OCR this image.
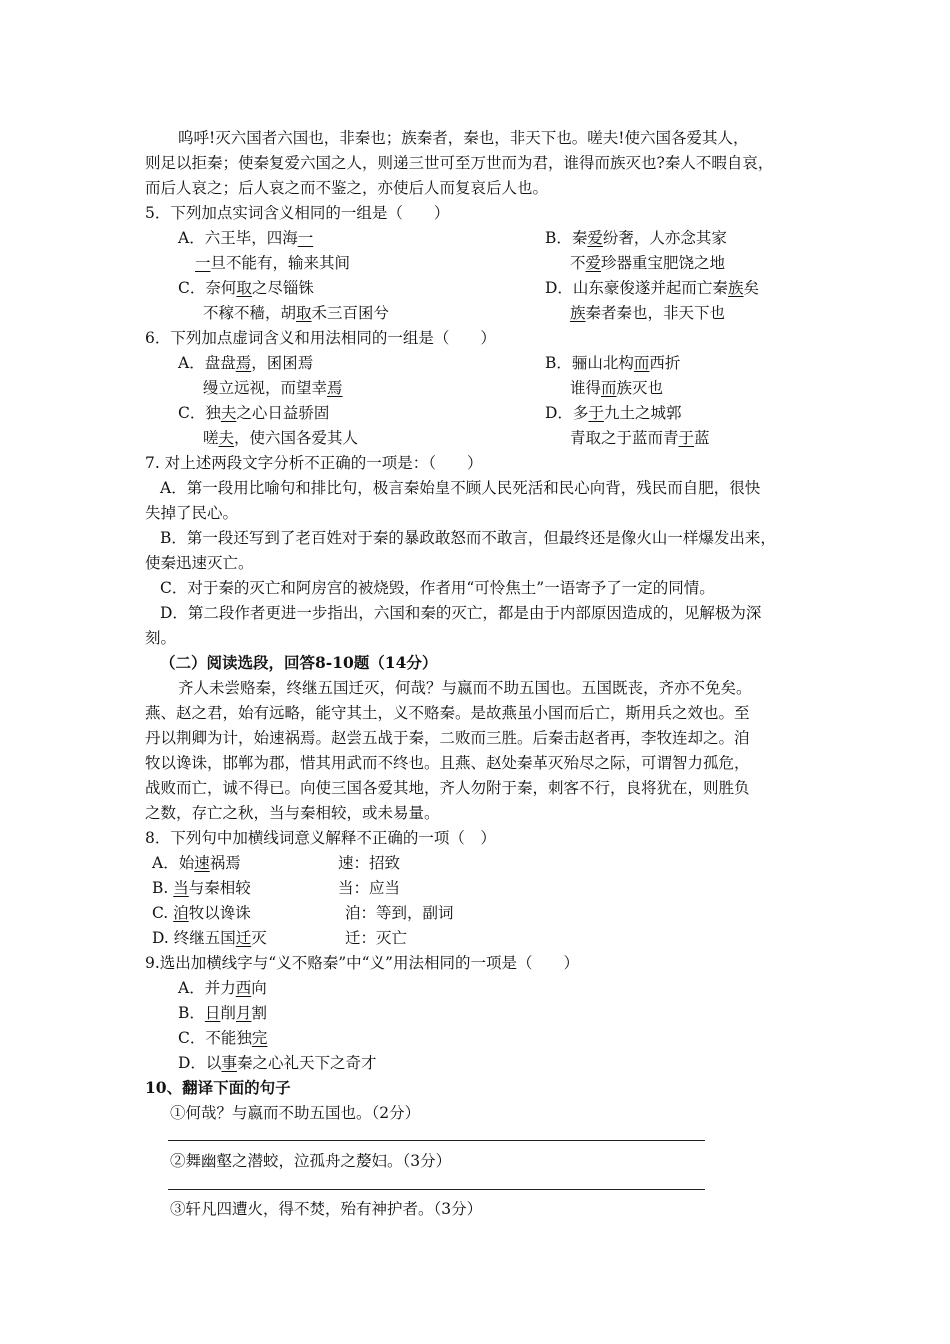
呜呼!灭六国者六国也，非秦也；族秦者，秦也，非天下也。嗟夫!使六国各爱其人，
则足以拒秦；使秦复爱六国之人，则递三世可至万世而为君，谁得而族灭也?秦人不暇自哀，
而后人哀之；后人哀之而不鉴之，亦使后人而复哀后人也。
5．下列加点实词含义相同的一组是（　　）
A．六王毕，四海一
一旦不能有，输来其间
B．秦爱纷奢，人亦念其家
不爱珍器重宝肥饶之地
C．奈何取之尽锱铢
不稼不穑，胡取禾三百囷兮
D．山东豪俊遂并起而亡秦族矣
族秦者秦也，非天下也
6．下列加点虚词含义和用法相同的一组是（　　）
A．盘盘焉，囷囷焉
缦立远视，而望幸焉
B．骊山北构而西折
谁得而族灭也
C．独夫之心日益骄固
嗟夫，使六国各爱其人
D．多于九土之城郭
青取之于蓝而青于蓝
7. 对上述两段文字分析不正确的一项是：（　　）
A．第一段用比喻句和排比句，极言秦始皇不顾人民死活和民心向背，残民而自肥，很快
失掉了民心。
B．第一段还写到了老百姓对于秦的暴政敢怒而不敢言，但最终还是像火山一样爆发出来，
使秦迅速灭亡。
C．对于秦的灭亡和阿房宫的被烧毁，作者用“可怜焦土”一语寄予了一定的同情。
D．第二段作者更进一步指出，六国和秦的灭亡，都是由于内部原因造成的，见解极为深
刻。
（二）阅读选段，回答8-10题（14分）
齐人未尝赂秦，终继五国迁灭，何哉？与嬴而不助五国也。五国既丧，齐亦不免矣。
燕、赵之君，始有远略，能守其土，义不赂秦。是故燕虽小国而后亡，斯用兵之效也。至
丹以荆卿为计，始速祸焉。赵尝五战于秦，二败而三胜。后秦击赵者再，李牧连却之。洎
牧以谗诛，邯郸为郡，惜其用武而不终也。且燕、赵处秦革灭殆尽之际，可谓智力孤危，
战败而亡，诚不得已。向使三国各爱其地，齐人勿附于秦，刺客不行，良将犹在，则胜负
之数，存亡之秋，当与秦相较，或未易量。
8．下列句中加横线词意义解释不正确的一项（　）
A．始速祸焉	速：招致
B. 当与秦相较	当：应当
C. 洎牧以谗诛	洎：等到，副词
D. 终继五国迁灭	迁：灭亡
9.选出加横线字与“义不赂秦”中“义”用法相同的一项是（　　）
A．并力西向
B．日削月割
C．不能独完
D．以事秦之心礼天下之奇才
10、翻译下面的句子
①何哉？与嬴而不助五国也。（2分）
②舞幽壑之潜蛟，泣孤舟之嫠妇。（3分）
③轩凡四遭火，得不焚，殆有神护者。（3分）
